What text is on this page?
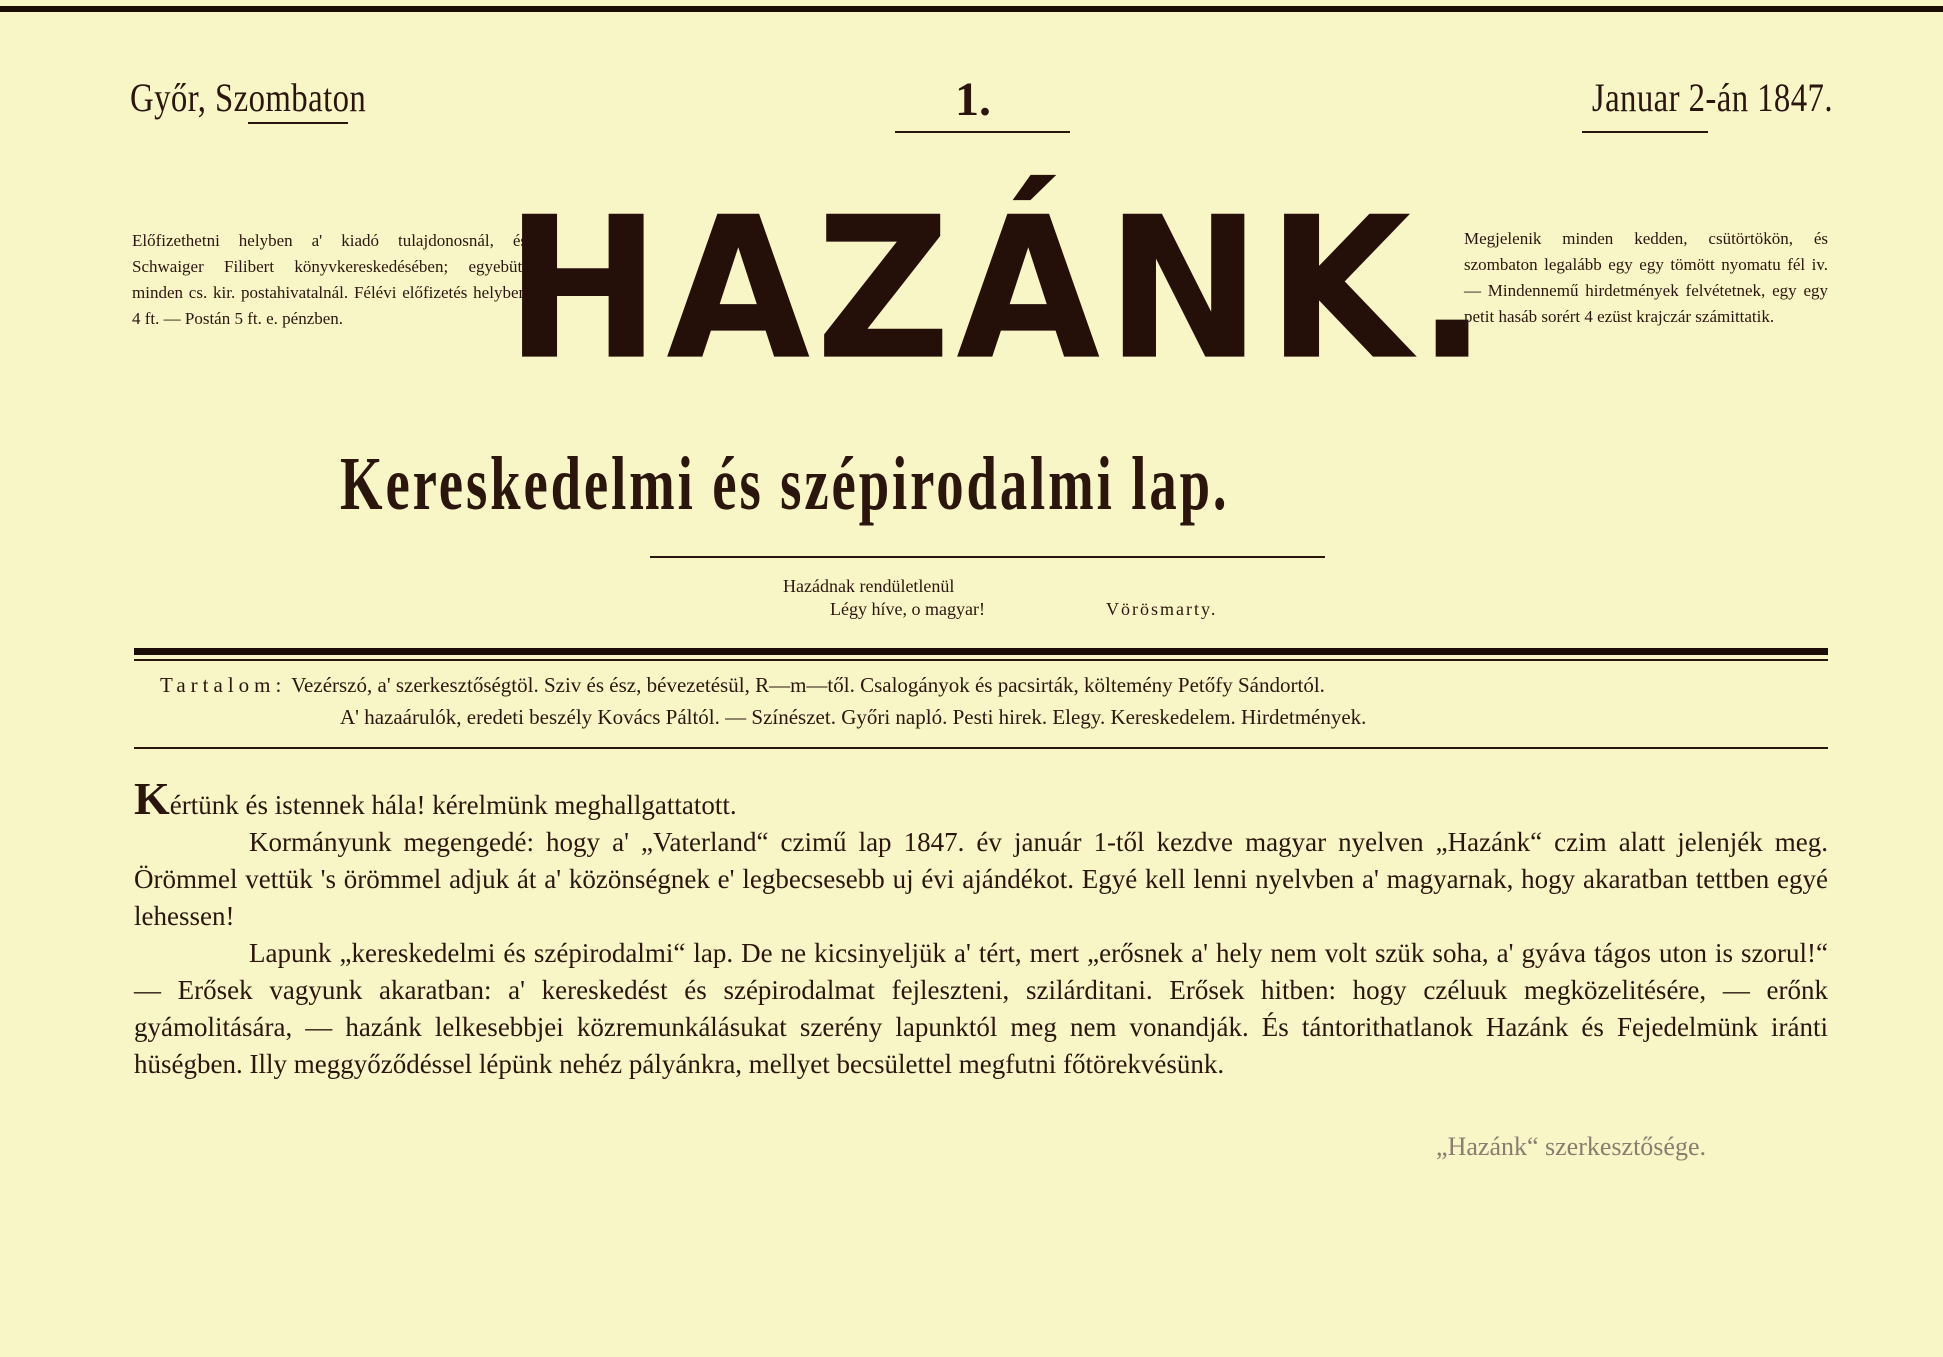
Győr, Szombaton	1.	Januar 2-án 1847.
Előfizethetni helyben a' kiadó tulajdonosnál, és Schwaiger Filibert könyvkereskedésében; egyebütt minden cs. kir. postahivatalnál. Félévi előfizetés helyben 4 ft. — Postán 5 ft. e. pénzben. HAZÁNK.
Megjelenik minden kedden, csütörtökön, és szombaton legalább egy egy tömött nyomatu fél iv. — Mindennemű hirdetmények felvétetnek, egy egy petit hasáb sorért 4 ezüst krajczár számittatik.
Kereskedelmi és szépirodalmi lap.
Hazádnak rendületlenül
Légy híve, o magyar!	Vörösmarty.
Tartalom: Vezérszó, a' szerkesztőségtöl. Sziv és ész, bévezetésül, R—m—től. Csalogányok és pacsirták, költemény Petőfy Sándortól.
A' hazaárulók, eredeti beszély Kovács Páltól. — Színészet. Győri napló. Pesti hirek. Elegy. Kereskedelem. Hirdetmények.

Kértünk és istennek hála! kérelmünk meghallgattatott.

Kormányunk megengedé: hogy a' „Vaterland“ czimű lap 1847. év január 1-től kezdve magyar nyelven „Hazánk“ czim alatt jelenjék meg. Örömmel vettük 's örömmel adjuk át a' közönségnek e' legbecsesebb uj évi ajándékot. Egyé kell lenni nyelvben a' magyarnak, hogy akaratban tettben egyé lehessen!

Lapunk „kereskedelmi és szépirodalmi“ lap. De ne kicsinyeljük a' tért, mert „erősnek a' hely nem volt szük soha, a' gyáva tágos uton is szorul!“ — Erősek vagyunk akaratban: a' kereskedést és szépirodalmat fejleszteni, szilárditani. Erősek hitben: hogy czéluuk megközelitésére, — erőnk gyámolitására, — hazánk lelkesebbjei közremunkálásukat szerény lapunktól meg nem vonandják. És tántorithatlanok Hazánk és Fejedelmünk iránti hüségben. Illy meggyőződéssel lépünk nehéz pályánkra, mellyet becsülettel megfutni főtörekvésünk.

„Hazánk“ szerkesztősége.
